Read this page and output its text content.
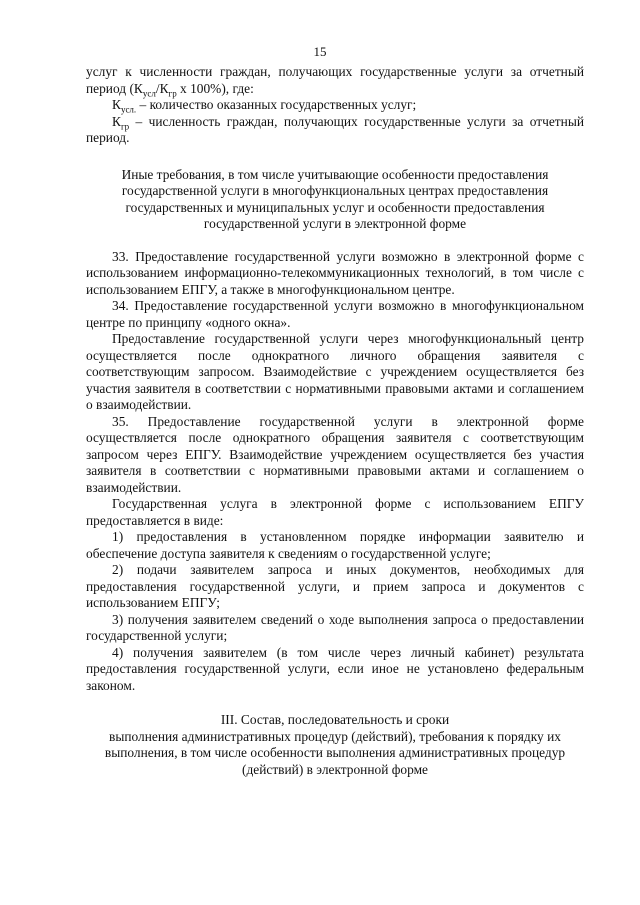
15

услуг к численности граждан, получающих государственные услуги за отчетный период ($К_{усл}/К_{гр}$ х 100%), где:

$К_{усл.}$ – количество оказанных государственных услуг;

$К_{гр}$ – численность граждан, получающих государственные услуги за отчетный период.

Иные требования, в том числе учитывающие особенности предоставления государственной услуги в многофункциональных центрах предоставления государственных и муниципальных услуг и особенности предоставления государственной услуги в электронной форме

33. Предоставление государственной услуги возможно в электронной форме с использованием информационно-телекоммуникационных технологий, в том числе с использованием ЕПГУ, а также в многофункциональном центре.

34. Предоставление государственной услуги возможно в многофункциональном центре по принципу «одного окна».

Предоставление государственной услуги через многофункциональный центр осуществляется после однократного личного обращения заявителя с соответствующим запросом. Взаимодействие с учреждением осуществляется без участия заявителя в соответствии с нормативными правовыми актами и соглашением о взаимодействии.

35. Предоставление государственной услуги в электронной форме осуществляется после однократного обращения заявителя с соответствующим запросом через ЕПГУ. Взаимодействие учреждением осуществляется без участия заявителя в соответствии с нормативными правовыми актами и соглашением о взаимодействии.

Государственная услуга в электронной форме с использованием ЕПГУ предоставляется в виде:

1) предоставления в установленном порядке информации заявителю и обеспечение доступа заявителя к сведениям о государственной услуге;

2) подачи заявителем запроса и иных документов, необходимых для предоставления государственной услуги, и прием запроса и документов с использованием ЕПГУ;

3) получения заявителем сведений о ходе выполнения запроса о предоставлении государственной услуги;

4) получения заявителем (в том числе через личный кабинет) результата предоставления государственной услуги, если иное не установлено федеральным законом.

III. Состав, последовательность и сроки
выполнения административных процедур (действий), требования к порядку их выполнения, в том числе особенности выполнения административных процедур (действий) в электронной форме
